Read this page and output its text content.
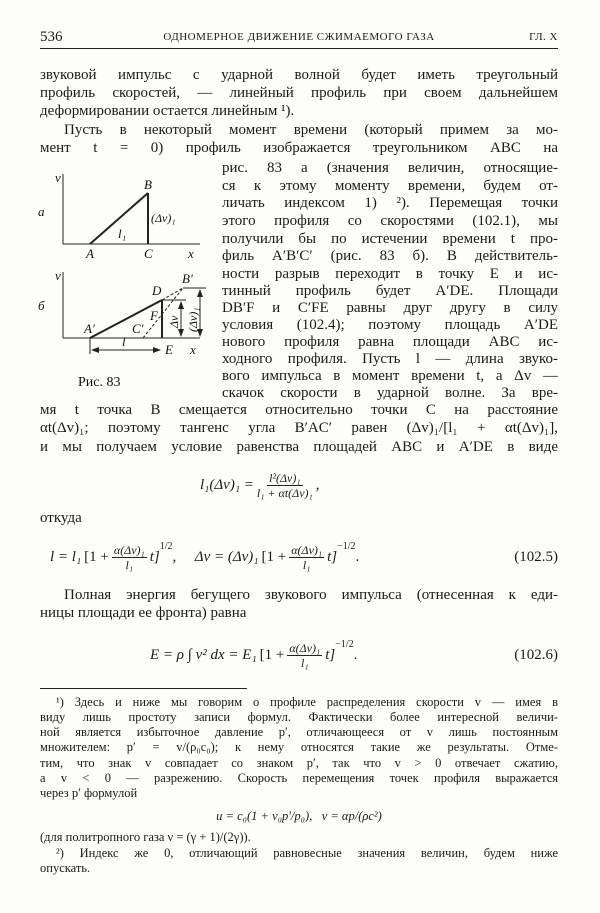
536	ОДНОМЕРНОЕ ДВИЖЕНИЕ СЖИМАЕМОГО ГАЗА	ГЛ. X
звуковой импульс с ударной волной будет иметь треугольный
профиль скоростей, — линейный профиль при своем дальнейшем
деформировании остается линейным ¹).
Пусть в некоторый момент времени (который примем за мо-
мент t = 0) профиль изображается треугольником ABC на
рис. 83 а (значения величин, относящие-
ся к этому моменту времени, будем от-
личать индексом 1) ²). Перемещая точки
этого профиля со скоростями (102.1), мы
получили бы по истечении времени t про-
филь A′B′C′ (рис. 83 б). В действитель-
ности разрыв переходит в точку E и ис-
тинный профиль будет A′DE. Площади
DB′F и C′FE равны друг другу в силу
условия (102.4); поэтому площадь A′DE
нового профиля равна площади ABC ис-
ходного профиля. Пусть l — длина звуко-
вого импульса в момент времени t, а Δv —
скачок скорости в ударной волне. За вре-
v
x
а
A
B
C
l₁
(Δv)₁
v
x
б
A′
B′
C′
D
E
F
l
Δv (Δv)₁
Рис. 83
мя t точка B смещается относительно точки C на расстояние
αt(Δv)₁; поэтому тангенс угла B′AC′ равен (Δv)₁/[l₁ + αt(Δv)₁],
и мы получаем условие равенства площадей ABC и A′DE в виде
$l_1(\Delta v)_1 = \frac{\text{l²(Δv)₁}}{\text{l₁ + αt(Δv)₁}}$ ,
откуда
l = l₁ $[1 + \frac{\text{α(Δv)₁}}{\text{l₁}} t]$
$^{1/2}$
,     Δv = (Δv)₁ $[1 + \frac{\text{α(Δv)₁}}{\text{l₁}} t]$
$^{-1/2}$
.	(102.5)
Полная энергия бегущего звукового импульса (отнесенная к еди-
ницы площади ее фронта) равна
E = ρ ∫ v² dx = E₁ $[1 + \frac{\text{α(Δv)₁}}{\text{l₁}} t]$
$^{-1/2}$
.	(102.6)
¹) Здесь и ниже мы говорим о профиле распределения скорости v — имея в
виду лишь простоту записи формул. Фактически более интересной величи-
ной является избыточное давление p′, отличающееся от v лишь постоянным
множителем: p′ = v/(ρ₀c₀); к нему относятся такие же результаты. Отме-
тим, что знак v совпадает со знаком p′, так что v > 0 отвечает сжатию,
а v < 0 — разрежению. Скорость перемещения точек профиля выражается
через p′ формулой
u = c₀(1 + ν₀p′/p₀),   ν = αp/(ρc²)
(для политропного газа ν = (γ + 1)/(2γ)).
²) Индекс же 0, отличающий равновесные значения величин, будем ниже
опускать.
